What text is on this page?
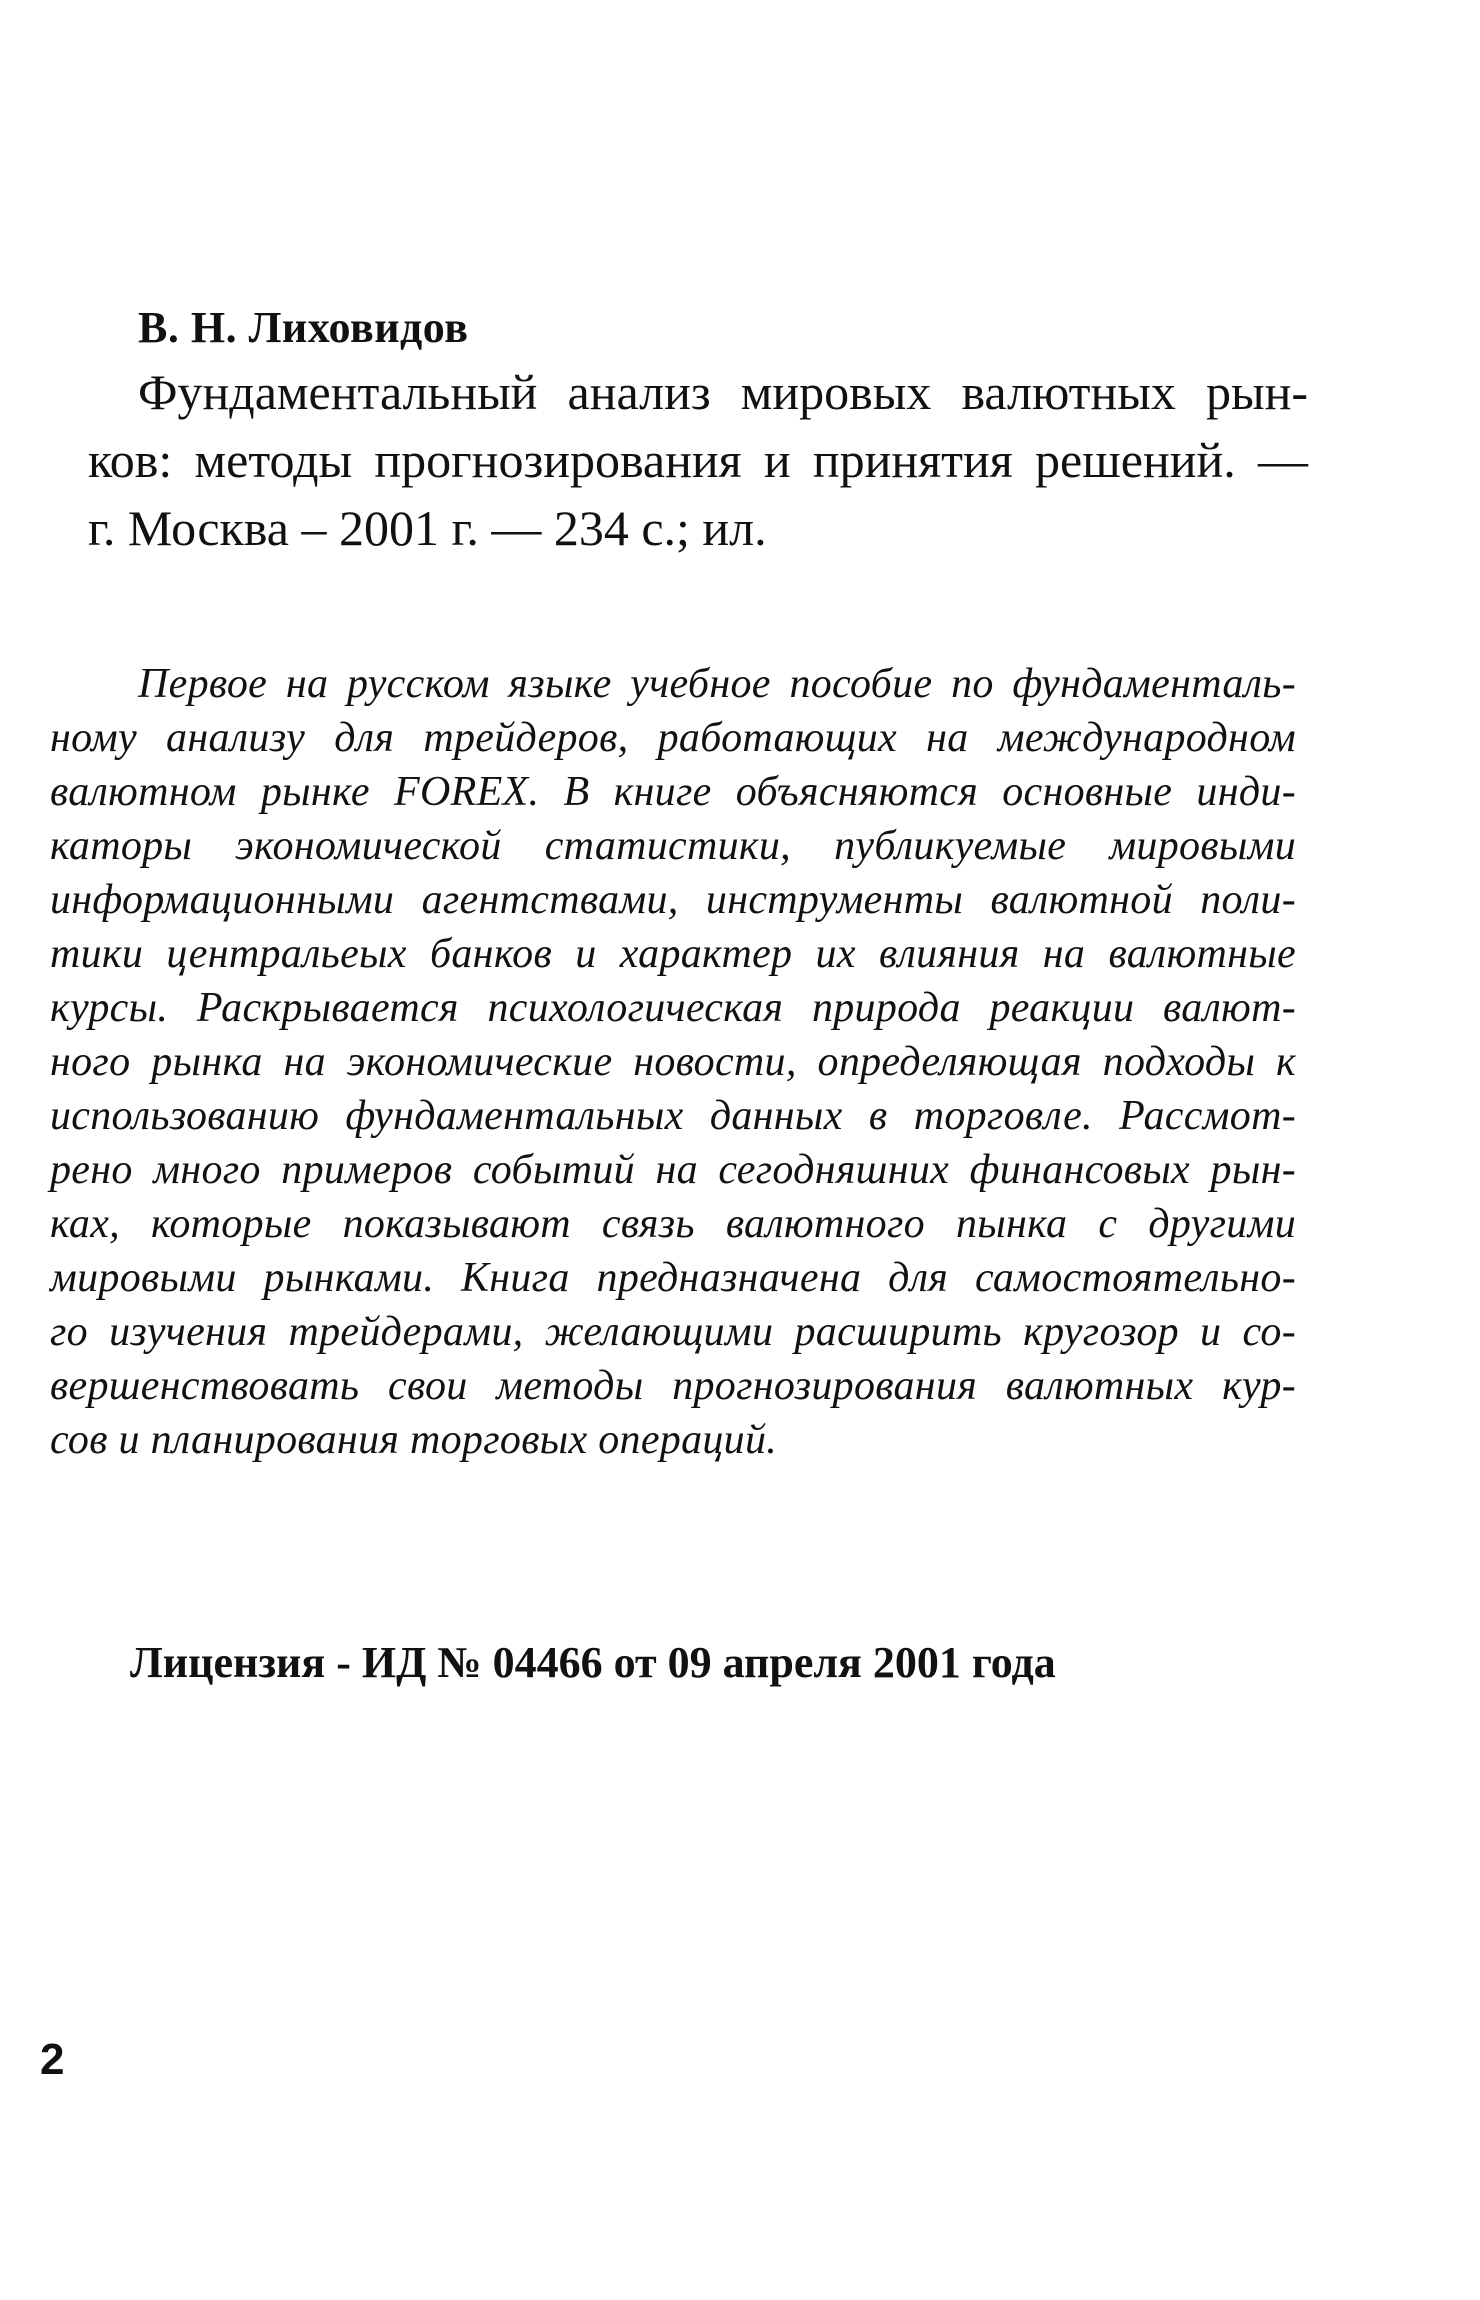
В. Н. Лиховидов
Фундаментальный анализ мировых валютных рын-
ков: методы прогнозирования и принятия решений. —
г. Москва – 2001 г. — 234 с.; ил.
Первое на русском языке учебное пособие по фундаменталь-
ному анализу для трейдеров, работающих на международном
валютном рынке FOREX. В книге объясняются основные инди-
каторы экономической статистики, публикуемые мировыми
информационными агентствами, инструменты валютной поли-
тики центральеых банков и характер их влияния на валютные
курсы. Раскрывается психологическая природа реакции валют-
ного рынка на экономические новости, определяющая подходы к
использованию фундаментальных данных в торговле. Рассмот-
рено много примеров событий на сегодняшних финансовых рын-
ках, которые показывают связь валютного пынка с другими
мировыми рынками. Книга предназначена для самостоятельно-
го изучения трейдерами, желающими расширить кругозор и со-
вершенствовать свои методы прогнозирования валютных кур-
сов и планирования торговых операций.
Лицензия - ИД № 04466 от 09 апреля 2001 года
2
